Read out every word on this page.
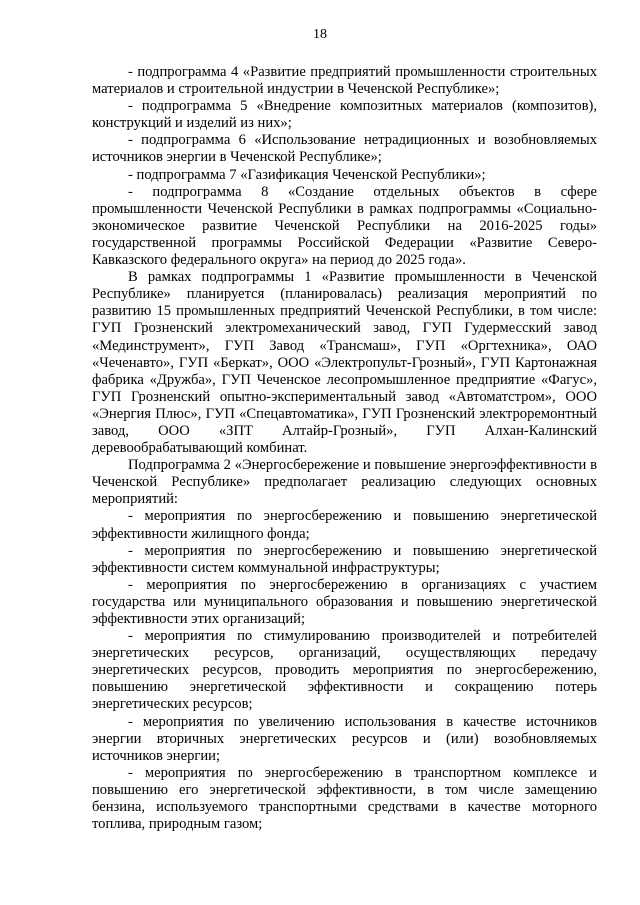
18

- подпрограмма 4 «Развитие предприятий промышленности строительных материалов и строительной индустрии в Чеченской Республике»;

- подпрограмма 5 «Внедрение композитных материалов (композитов), конструкций и изделий из них»;

- подпрограмма 6 «Использование нетрадиционных и возобновляемых источников энергии в Чеченской Республике»;

- подпрограмма 7 «Газификация Чеченской Республики»;

- подпрограмма 8 «Создание отдельных объектов в сфере промышленности Чеченской Республики в рамках подпрограммы «Социально-экономическое развитие Чеченской Республики на 2016-2025 годы» государственной программы Российской Федерации «Развитие Северо-Кавказского федерального округа» на период до 2025 года».

В рамках подпрограммы 1 «Развитие промышленности в Чеченской Республике» планируется (планировалась) реализация мероприятий по развитию 15 промышленных предприятий Чеченской Республики, в том числе: ГУП Грозненский электромеханический завод, ГУП Гудермесский завод «Мединструмент», ГУП Завод «Трансмаш», ГУП «Оргтехника», ОАО «Чеченавто», ГУП «Беркат», ООО «Электропульт-Грозный», ГУП Картонажная фабрика «Дружба», ГУП Чеченское лесопромышленное предприятие «Фагус», ГУП Грозненский опытно-экспериментальный завод «Автоматстром», ООО «Энергия Плюс», ГУП «Спецавтоматика», ГУП Грозненский электроремонтный завод, ООО «ЗПТ Алтайр-Грозный», ГУП Алхан-Калинский деревообрабатывающий комбинат.

Подпрограмма 2 «Энергосбережение и повышение энергоэффективности в Чеченской Республике» предполагает реализацию следующих основных мероприятий:

- мероприятия по энергосбережению и повышению энергетической эффективности жилищного фонда;

- мероприятия по энергосбережению и повышению энергетической эффективности систем коммунальной инфраструктуры;

- мероприятия по энергосбережению в организациях с участием государства или муниципального образования и повышению энергетической эффективности этих организаций;

- мероприятия по стимулированию производителей и потребителей энергетических ресурсов, организаций, осуществляющих передачу энергетических ресурсов, проводить мероприятия по энергосбережению, повышению энергетической эффективности и сокращению потерь энергетических ресурсов;

- мероприятия по увеличению использования в качестве источников энергии вторичных энергетических ресурсов и (или) возобновляемых источников энергии;

- мероприятия по энергосбережению в транспортном комплексе и повышению его энергетической эффективности, в том числе замещению бензина, используемого транспортными средствами в качестве моторного топлива, природным газом;
